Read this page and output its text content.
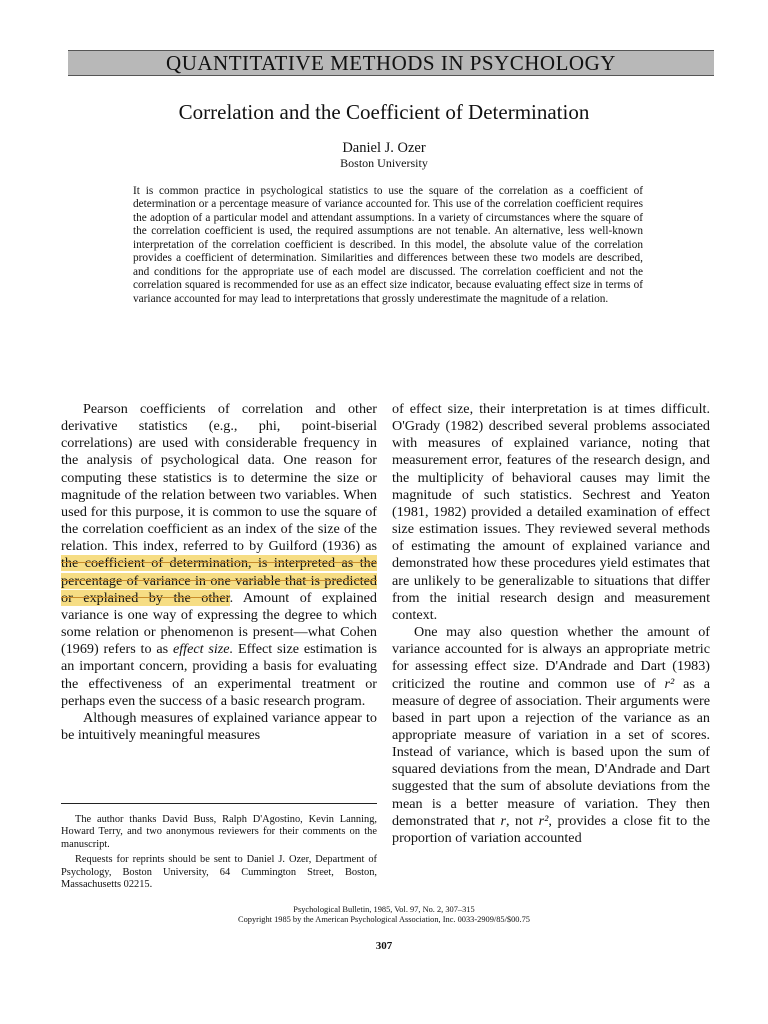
QUANTITATIVE METHODS IN PSYCHOLOGY
Correlation and the Coefficient of Determination
Daniel J. Ozer
Boston University
It is common practice in psychological statistics to use the square of the correlation as a coefficient of determination or a percentage measure of variance accounted for. This use of the correlation coefficient requires the adoption of a particular model and attendant assumptions. In a variety of circumstances where the square of the correlation coefficient is used, the required assumptions are not tenable. An alternative, less well-known interpretation of the correlation coefficient is described. In this model, the absolute value of the correlation provides a coefficient of determination. Similarities and differences between these two models are described, and conditions for the appropriate use of each model are discussed. The correlation coefficient and not the correlation squared is recommended for use as an effect size indicator, because evaluating effect size in terms of variance accounted for may lead to interpretations that grossly underestimate the magnitude of a relation.

Pearson coefficients of correlation and other derivative statistics (e.g., phi, point-biserial correlations) are used with considerable frequency in the analysis of psychological data. One reason for computing these statistics is to determine the size or magnitude of the relation between two variables. When used for this purpose, it is common to use the square of the correlation coefficient as an index of the size of the relation. This index, referred to by Guilford (1936) as the coefficient of determination, is interpreted as the percentage of variance in one variable that is predicted or explained by the other. Amount of explained variance is one way of expressing the degree to which some relation or phenomenon is present—what Cohen (1969) refers to as effect size. Effect size estimation is an important concern, providing a basis for evaluating the effectiveness of an experimental treatment or perhaps even the success of a basic research program.

Although measures of explained variance appear to be intuitively meaningful measures

of effect size, their interpretation is at times difficult. O'Grady (1982) described several problems associated with measures of explained variance, noting that measurement error, features of the research design, and the multiplicity of behavioral causes may limit the magnitude of such statistics. Sechrest and Yeaton (1981, 1982) provided a detailed examination of effect size estimation issues. They reviewed several methods of estimating the amount of explained variance and demonstrated how these procedures yield estimates that are unlikely to be generalizable to situations that differ from the initial research design and measurement context.

One may also question whether the amount of variance accounted for is always an appropriate metric for assessing effect size. D'Andrade and Dart (1983) criticized the routine and common use of r² as a measure of degree of association. Their arguments were based in part upon a rejection of the variance as an appropriate measure of variation in a set of scores. Instead of variance, which is based upon the sum of squared deviations from the mean, D'Andrade and Dart suggested that the sum of absolute deviations from the mean is a better measure of variation. They then demonstrated that r, not r², provides a close fit to the proportion of variation accounted

The author thanks David Buss, Ralph D'Agostino, Kevin Lanning, Howard Terry, and two anonymous reviewers for their comments on the manuscript.

Requests for reprints should be sent to Daniel J. Ozer, Department of Psychology, Boston University, 64 Cummington Street, Boston, Massachusetts 02215.

Psychological Bulletin, 1985, Vol. 97, No. 2, 307–315
Copyright 1985 by the American Psychological Association, Inc. 0033-2909/85/$00.75
307
